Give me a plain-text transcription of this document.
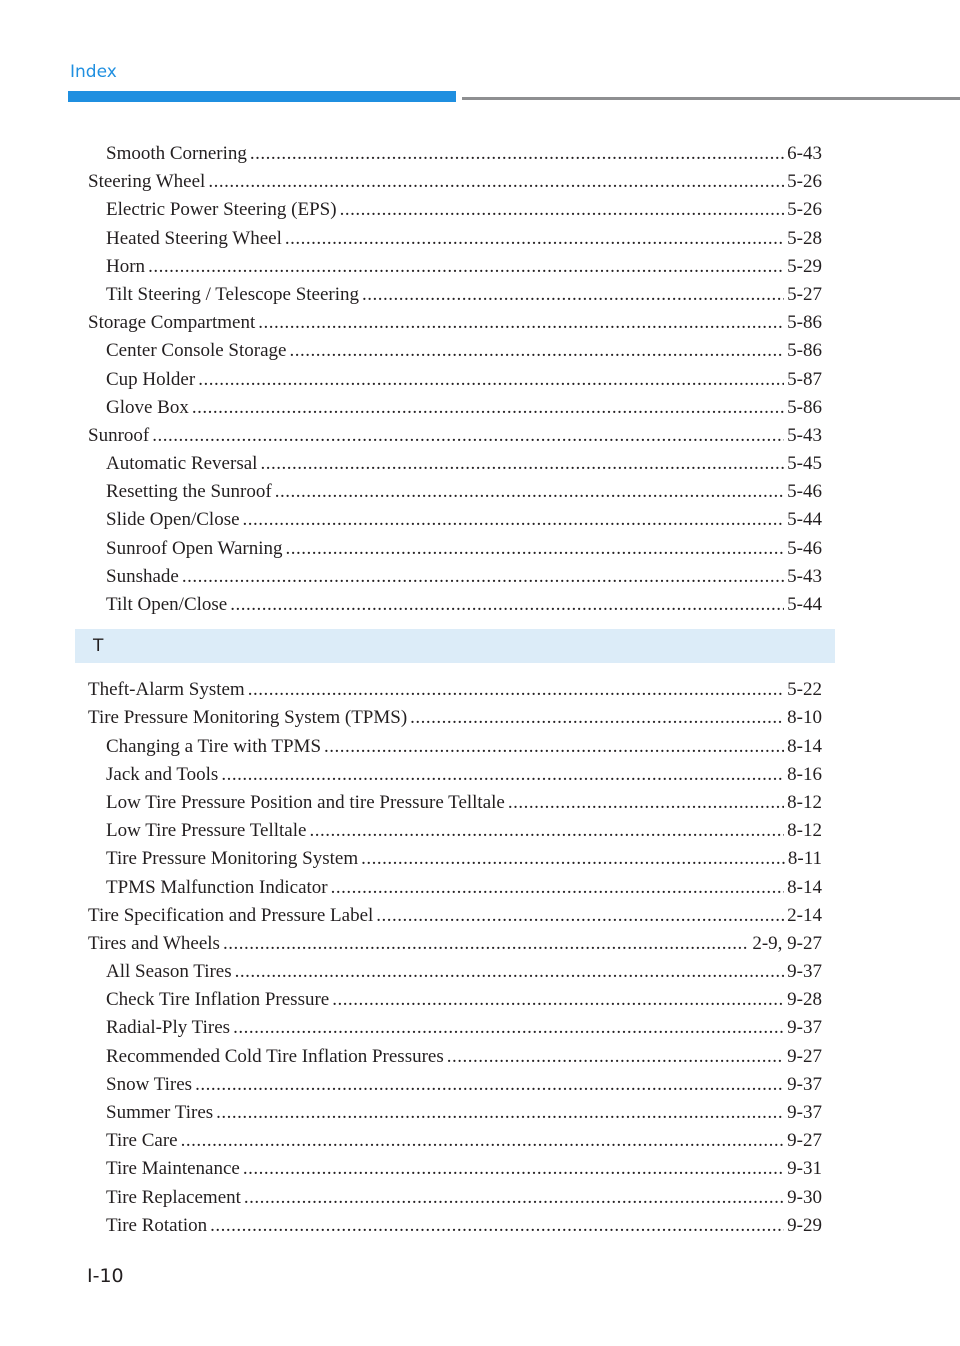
Index
Smooth Cornering .....	6-43
Steering Wheel .....	5-26
Electric Power Steering (EPS) .....	5-26
Heated Steering Wheel .....	5-28
Horn .....	5-29
Tilt Steering / Telescope Steering .....	5-27
Storage Compartment .....	5-86
Center Console Storage .....	5-86
Cup Holder .....	5-87
Glove Box .....	5-86
Sunroof .....	5-43
Automatic Reversal .....	5-45
Resetting the Sunroof .....	5-46
Slide Open/Close .....	5-44
Sunroof Open Warning .....	5-46
Sunshade .....	5-43
Tilt Open/Close .....	5-44
T
Theft-Alarm System .....	5-22
Tire Pressure Monitoring System (TPMS) .....	8-10
Changing a Tire with TPMS .....	8-14
Jack and Tools .....	8-16
Low Tire Pressure Position and tire Pressure Telltale .....	8-12
Low Tire Pressure Telltale .....	8-12
Tire Pressure Monitoring System .....	8-11
TPMS Malfunction Indicator .....	8-14
Tire Specification and Pressure Label .....	2-14
Tires and Wheels .....	2-9, 9-27
All Season Tires .....	9-37
Check Tire Inflation Pressure .....	9-28
Radial-Ply Tires .....	9-37
Recommended Cold Tire Inflation Pressures .....	9-27
Snow Tires .....	9-37
Summer Tires .....	9-37
Tire Care .....	9-27
Tire Maintenance .....	9-31
Tire Replacement .....	9-30
Tire Rotation .....	9-29
I-10
